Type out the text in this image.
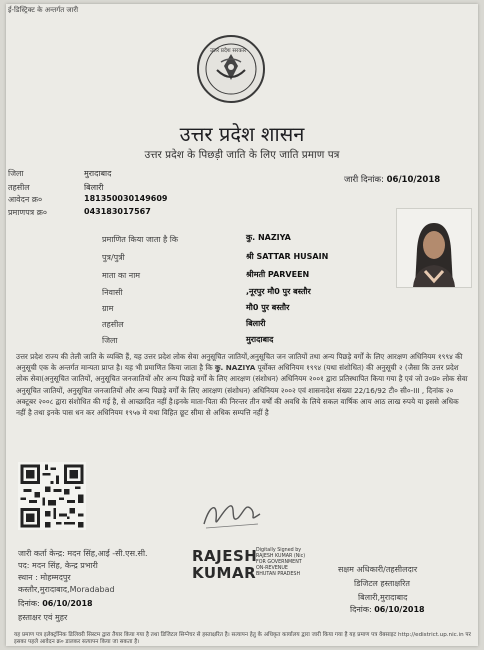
ई-डिस्ट्रिक्ट के अन्तर्गत जारी
उत्तर प्रदेश सरकार
उत्तर प्रदेश शासन
उत्तर प्रदेश के पिछड़ी जाति के लिए जाति प्रमाण पत्र
जिला	मुरादाबाद
तहसील	बिलारी
आवेदन क्र०	181350030149609
प्रमाणपत्र क्र०	043183017567
जारी दिनांक: 06/10/2018
प्रमाणित किया जाता है कि	कु. NAZIYA
पुत्र/पुत्री	श्री SATTAR HUSAIN
माता का नाम	श्रीमती PARVEEN
निवासी	,नूरपुर मौ0 पुर बस्तौर
ग्राम	मौ0 पुर बस्तौर
तहसील	बिलारी
जिला	मुरादाबाद
उत्तर प्रदेश राज्य की तेली जाति के व्यक्ति हैं, यह उत्तर प्रदेश लोक सेवा अनुसूचित जातियों,अनुसूचित जन जातियों तथा अन्य पिछड़े वर्गों के लिए आरक्षण अधिनियम १९९४ की अनुसूची एक के अन्तर्गत मान्यता प्राप्त है। यह भी प्रमाणित किया जाता है कि कु. NAZIYA पूर्वोक्त अधिनियम १९९४ (यथा संशोधित) की अनुसूची २ (जैसा कि उत्तर प्रदेश लोक सेवा(अनुसूचित जातियों, अनुसूचित जनजातियों और अन्य पिछड़े वर्गों के लिए आरक्षण (संशोधन) अधिनियम २००१ द्वारा प्रतिस्थापित किया गया है एवं जो उ०प्र० लोक सेवा अनुसूचित जातियों, अनुसूचित जनजातियों और अन्य पिछड़े वर्गों के लिए आरक्षण (संशोधन) अधिनियम २००२ एवं शासनादेश संख्या 22/16/92 टी० सी०-III , दिनांक २० अक्टूबर २००८ द्वारा संशोधित की गई है, से आच्छादित नहीं है।इनके माता-पिता की निरन्तर तीन वर्षों की अवधि के लिये सकल वार्षिक आय आठ लाख रुपये या इससे अधिक नहीं है तथा इनके पास धन कर अधिनियम १९५७ मे यथा विहित छूट सीमा से अधिक सम्पत्ति नहीं है
जारी कर्ता केन्द्र: मदन सिंह,आई -सी.एस.सी.
पद: मदन सिंह, केन्द्र प्रभारी
स्थान : मोहम्मदपुर
कस्तौर,मुरादाबाद,Moradabad
दिनांक: 06/10/2018
हस्ताक्षर एवं मुहर
RAJESH
KUMAR
Digitally Signed by
RAJESH KUMAR (Nic)
FOR GOVERNMENT
ON-REVENUE
BHUTAN PRADESH
सक्षम अधिकारी/तहसीलदार
डिजिटल हस्ताक्षरित
बिलारी,मुरादाबाद
दिनांक: 06/10/2018
यह प्रमाण पत्र इलेक्ट्रॉनिक डिलिवरी सिस्टम द्वारा तैयार किया गया है तथा डिजिटल सिग्नेचर से हस्ताक्षरित है। सत्यापन हेतु के अधिकृत कार्यालय द्वारा जारी किया गया है यह प्रमाण पत्र वेबसाइट http://edistrict.up.nic.in पर इसका पहले आवेदन क्र० डालकर सत्यापन किया जा सकता है।
